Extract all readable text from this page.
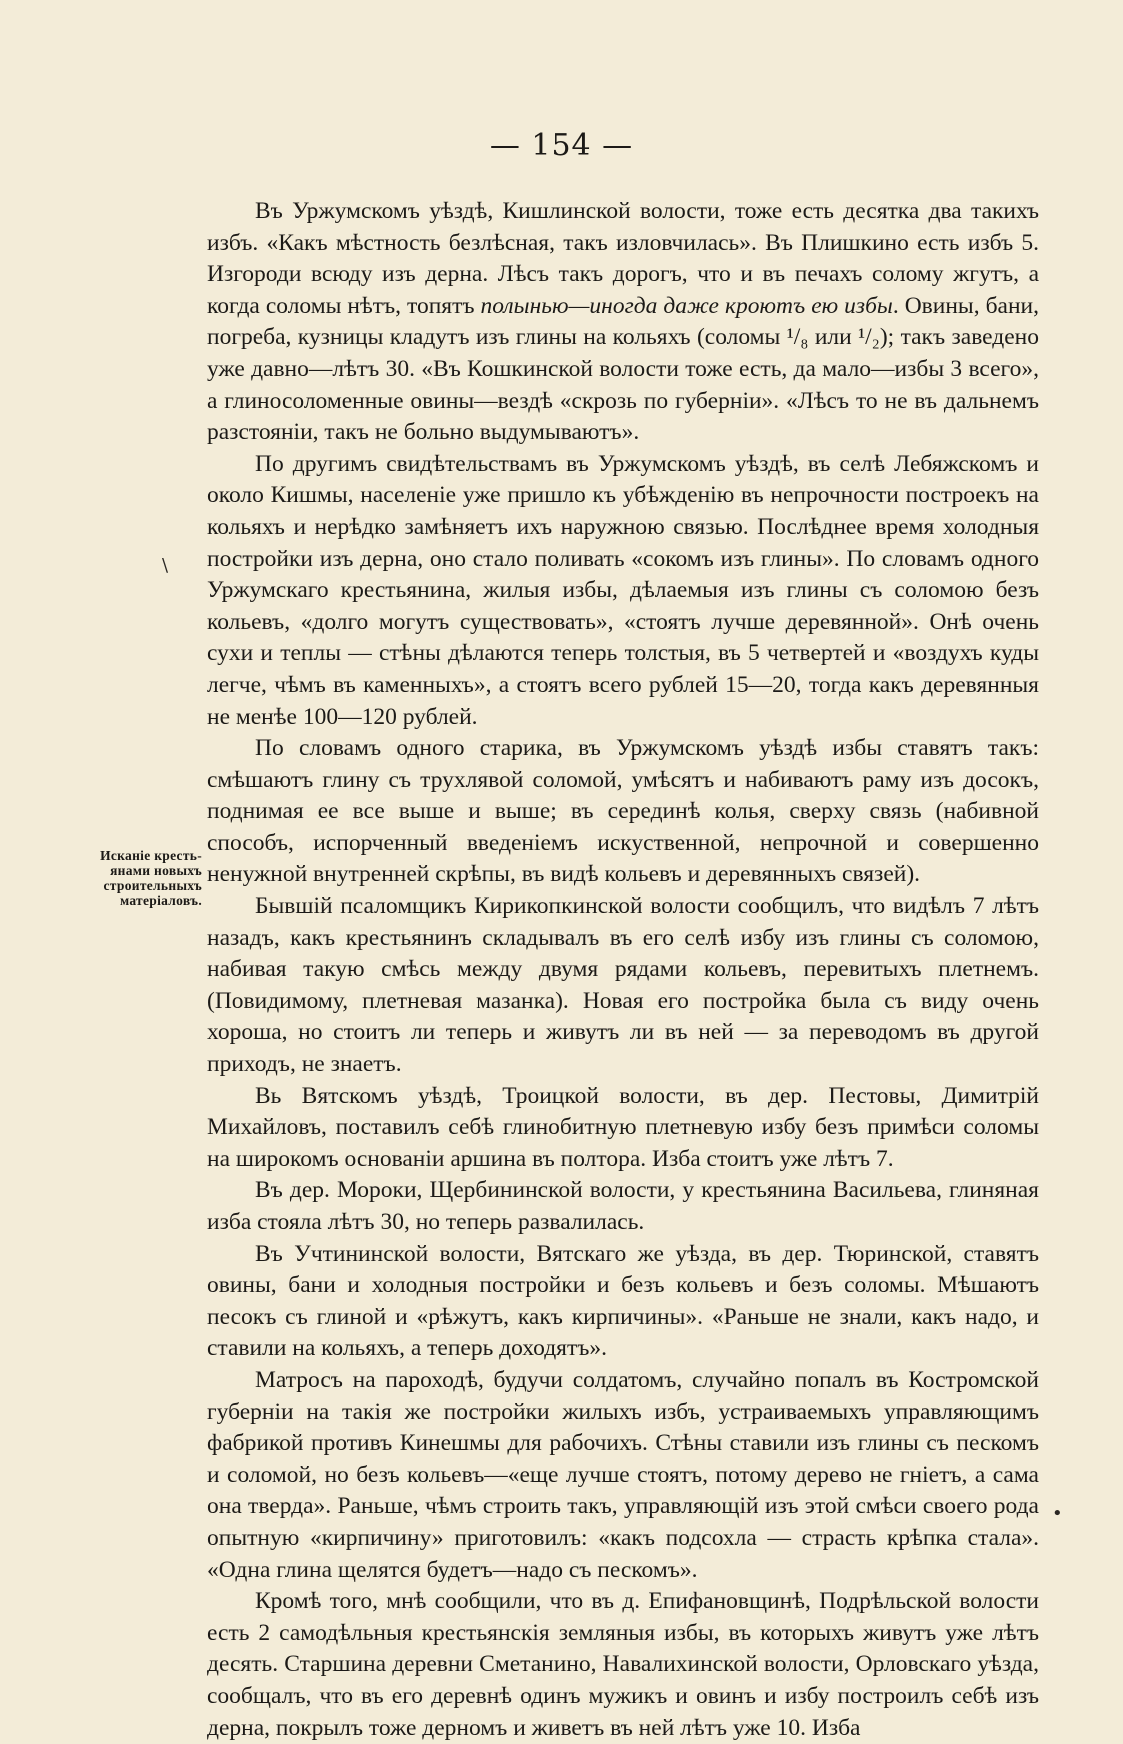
— 154 —
Исканіе кресть-
янами новыхъ
строительныхъ
матеріаловъ.
\
•

Въ Уржумскомъ уѣздѣ, Кишлинской волости, тоже есть десятка два такихъ избъ. «Какъ мѣстность безлѣсная, такъ изловчилась». Въ Плишкино есть избъ 5. Изгороди всюду изъ дерна. Лѣсъ такъ дорогъ, что и въ печахъ солому жгутъ, а когда соломы нѣтъ, топятъ полынью—иногда даже кроютъ ею избы. Овины, бани, погреба, кузницы кладутъ изъ глины на кольяхъ (соломы ¹/₈ или ¹/₂); такъ заведено уже давно—лѣтъ 30. «Въ Кошкинской волости тоже есть, да мало—избы 3 всего», а глиносоломенные овины—вездѣ «скрозь по губерніи». «Лѣсъ то не въ дальнемъ разстояніи, такъ не больно выдумываютъ».

По другимъ свидѣтельствамъ въ Уржумскомъ уѣздѣ, въ селѣ Лебяжскомъ и около Кишмы, населеніе уже пришло къ убѣжденію въ непрочности построекъ на кольяхъ и нерѣдко замѣняетъ ихъ наружною связью. Послѣднее время холодныя постройки изъ дерна, оно стало поливать «сокомъ изъ глины». По словамъ одного Уржумскаго крестьянина, жилыя избы, дѣлаемыя изъ глины съ соломою безъ кольевъ, «долго могутъ существовать», «стоятъ лучше деревянной». Онѣ очень сухи и теплы — стѣны дѣлаются теперь толстыя, въ 5 четвертей и «воздухъ куды легче, чѣмъ въ каменныхъ», а стоятъ всего рублей 15—20, тогда какъ деревянныя не менѣе 100—120 рублей.

По словамъ одного старика, въ Уржумскомъ уѣздѣ избы ставятъ такъ: смѣшаютъ глину съ трухлявой соломой, умѣсятъ и набиваютъ раму изъ досокъ, поднимая ее все выше и выше; въ серединѣ колья, сверху связь (набивной способъ, испорченный введеніемъ искуственной, непрочной и совершенно ненужной внутренней скрѣпы, въ видѣ кольевъ и деревянныхъ связей).

Бывшій псаломщикъ Кирикопкинской волости сообщилъ, что видѣлъ 7 лѣтъ назадъ, какъ крестьянинъ складывалъ въ его селѣ избу изъ глины съ соломою, набивая такую смѣсь между двумя рядами кольевъ, перевитыхъ плетнемъ. (Повидимому, плетневая мазанка). Новая его постройка была съ виду очень хороша, но стоитъ ли теперь и живутъ ли въ ней — за переводомъ въ другой приходъ, не знаетъ.

Вь Вятскомъ уѣздѣ, Троицкой волости, въ дер. Пестовы, Димитрій Михайловъ, поставилъ себѣ глинобитную плетневую избу безъ примѣси соломы на широкомъ основаніи аршина въ полтора. Изба стоитъ уже лѣтъ 7.

Въ дер. Мороки, Щербининской волости, у крестьянина Васильева, глиняная изба стояла лѣтъ 30, но теперь развалилась.

Въ Учтининской волости, Вятскаго же уѣзда, въ дер. Тюринской, ставятъ овины, бани и холодныя постройки и безъ кольевъ и безъ соломы. Мѣшаютъ песокъ съ глиной и «рѣжутъ, какъ кирпичины». «Раньше не знали, какъ надо, и ставили на кольяхъ, а теперь доходятъ».

Матросъ на пароходѣ, будучи солдатомъ, случайно попалъ въ Костромской губерніи на такія же постройки жилыхъ избъ, устраиваемыхъ управляющимъ фабрикой противъ Кинешмы для рабочихъ. Стѣны ставили изъ глины съ пескомъ и соломой, но безъ кольевъ—«еще лучше стоятъ, потому дерево не гніетъ, а сама она тверда». Раньше, чѣмъ строить такъ, управляющій изъ этой смѣси своего рода опытную «кирпичину» приготовилъ: «какъ подсохла — страсть крѣпка стала». «Одна глина щелятся будетъ—надо съ пескомъ».

Кромѣ того, мнѣ сообщили, что въ д. Епифановщинѣ, Подрѣльской волости есть 2 самодѣльныя крестьянскія земляныя избы, въ которыхъ живутъ уже лѣтъ десять. Старшина деревни Сметанино, Навалихинской волости, Орловскаго уѣзда, сообщалъ, что въ его деревнѣ одинъ мужикъ и овинъ и избу построилъ себѣ изъ дерна, покрылъ тоже дерномъ и живетъ въ ней лѣтъ уже 10. Изба
